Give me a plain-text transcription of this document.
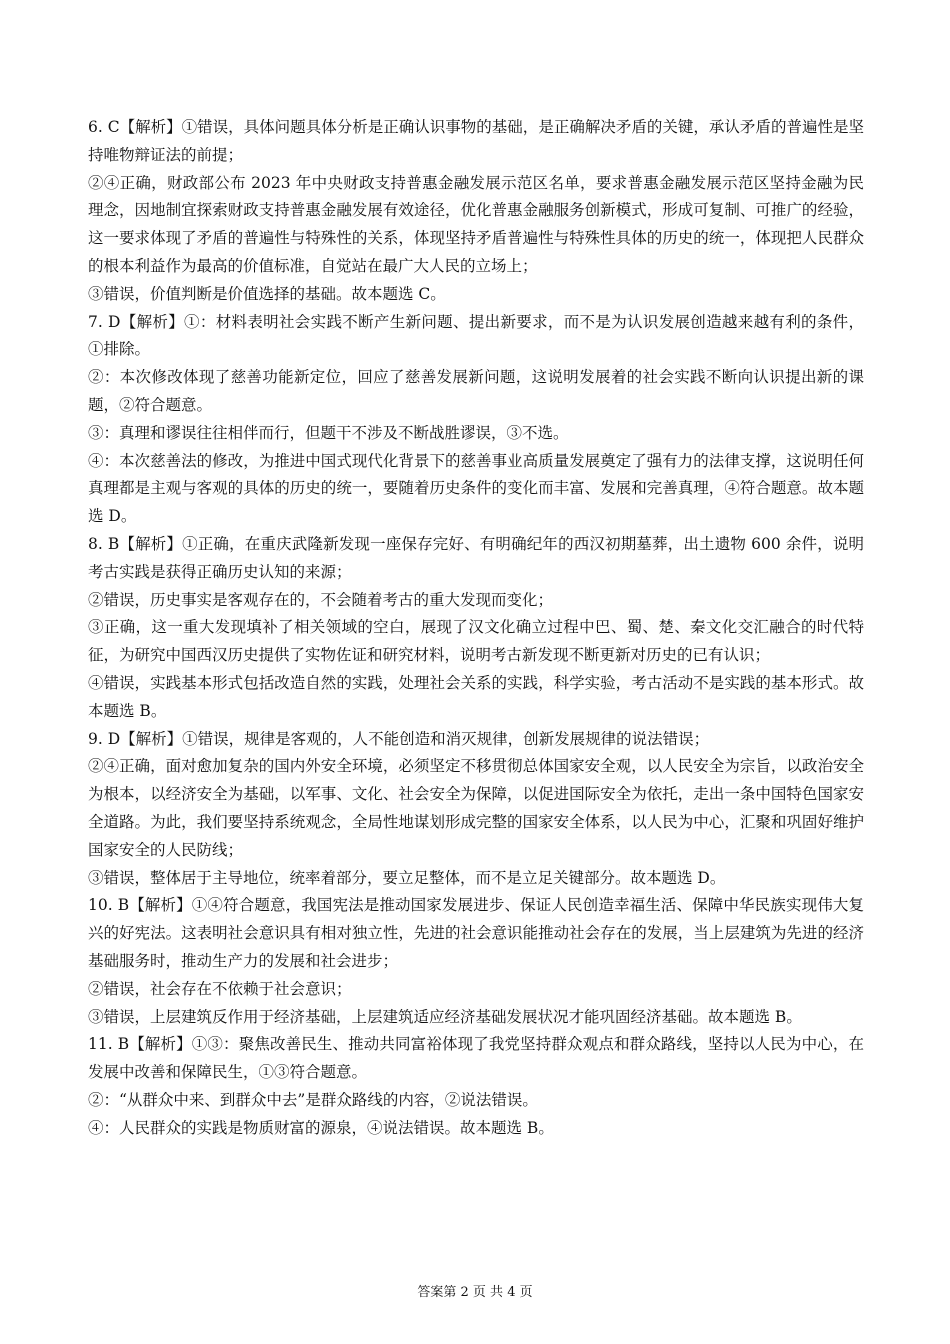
6. C【解析】①错误，具体问题具体分析是正确认识事物的基础，是正确解决矛盾的关键，承认矛盾的普遍性是坚持唯物辩证法的前提；

②④正确，财政部公布 2023 年中央财政支持普惠金融发展示范区名单，要求普惠金融发展示范区坚持金融为民理念，因地制宜探索财政支持普惠金融发展有效途径，优化普惠金融服务创新模式，形成可复制、可推广的经验，这一要求体现了矛盾的普遍性与特殊性的关系，体现坚持矛盾普遍性与特殊性具体的历史的统一，体现把人民群众的根本利益作为最高的价值标准，自觉站在最广大人民的立场上；

③错误，价值判断是价值选择的基础。故本题选 C。

7. D【解析】①：材料表明社会实践不断产生新问题、提出新要求，而不是为认识发展创造越来越有利的条件，①排除。

②：本次修改体现了慈善功能新定位，回应了慈善发展新问题，这说明发展着的社会实践不断向认识提出新的课题，②符合题意。

③：真理和谬误往往相伴而行，但题干不涉及不断战胜谬误，③不选。

④：本次慈善法的修改，为推进中国式现代化背景下的慈善事业高质量发展奠定了强有力的法律支撑，这说明任何真理都是主观与客观的具体的历史的统一，要随着历史条件的变化而丰富、发展和完善真理，④符合题意。故本题选 D。

8. B【解析】①正确，在重庆武隆新发现一座保存完好、有明确纪年的西汉初期墓葬，出土遗物 600 余件，说明考古实践是获得正确历史认知的来源；

②错误，历史事实是客观存在的，不会随着考古的重大发现而变化；

③正确，这一重大发现填补了相关领域的空白，展现了汉文化确立过程中巴、蜀、楚、秦文化交汇融合的时代特征，为研究中国西汉历史提供了实物佐证和研究材料，说明考古新发现不断更新对历史的已有认识；

④错误，实践基本形式包括改造自然的实践，处理社会关系的实践，科学实验，考古活动不是实践的基本形式。故本题选 B。

9. D【解析】①错误，规律是客观的，人不能创造和消灭规律，创新发展规律的说法错误；

②④正确，面对愈加复杂的国内外安全环境，必须坚定不移贯彻总体国家安全观，以人民安全为宗旨，以政治安全为根本，以经济安全为基础，以军事、文化、社会安全为保障，以促进国际安全为依托，走出一条中国特色国家安全道路。为此，我们要坚持系统观念，全局性地谋划形成完整的国家安全体系，以人民为中心，汇聚和巩固好维护国家安全的人民防线；

③错误，整体居于主导地位，统率着部分，要立足整体，而不是立足关键部分。故本题选 D。

10. B【解析】①④符合题意，我国宪法是推动国家发展进步、保证人民创造幸福生活、保障中华民族实现伟大复兴的好宪法。这表明社会意识具有相对独立性，先进的社会意识能推动社会存在的发展，当上层建筑为先进的经济基础服务时，推动生产力的发展和社会进步；

②错误，社会存在不依赖于社会意识；

③错误，上层建筑反作用于经济基础，上层建筑适应经济基础发展状况才能巩固经济基础。故本题选 B。

11. B【解析】①③：聚焦改善民生、推动共同富裕体现了我党坚持群众观点和群众路线，坚持以人民为中心，在发展中改善和保障民生，①③符合题意。

②：“从群众中来、到群众中去”是群众路线的内容，②说法错误。

④：人民群众的实践是物质财富的源泉，④说法错误。故本题选 B。

答案第 2 页 共 4 页
